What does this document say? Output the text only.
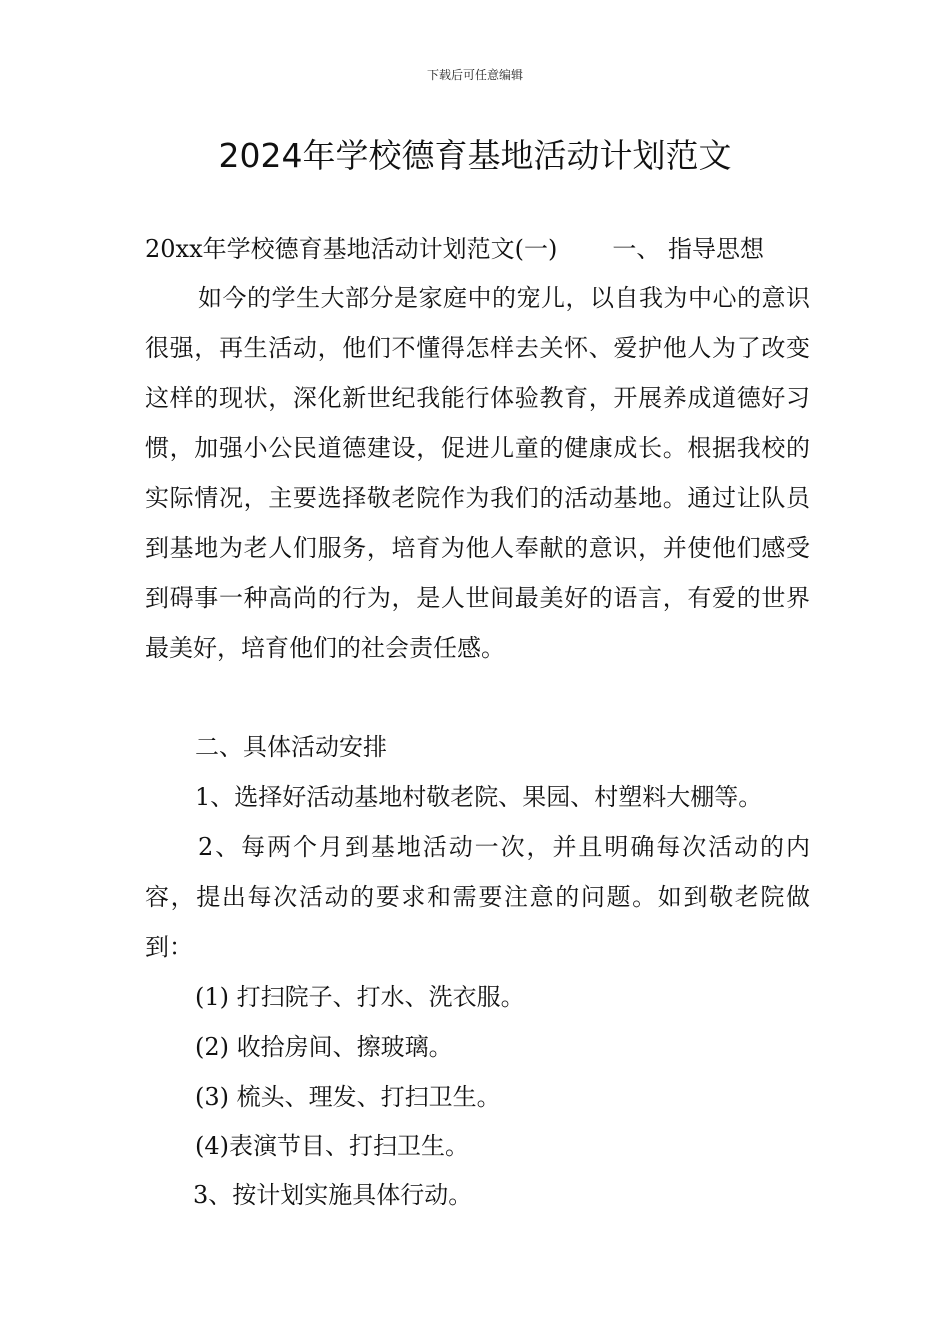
下载后可任意编辑
2024年学校德育基地活动计划范文
20xx年学校德育基地活动计划范文(一) 一、 指导思想

如今的学生大部分是家庭中的宠儿，以自我为中心的意识很强，再生活动，他们不懂得怎样去关怀、爱护他人为了改变这样的现状，深化新世纪我能行体验教育，开展养成道德好习惯，加强小公民道德建设，促进儿童的健康成长。根据我校的实际情况，主要选择敬老院作为我们的活动基地。通过让队员到基地为老人们服务，培育为他人奉献的意识，并使他们感受到碍事一种高尚的行为，是人世间最美好的语言，有爱的世界最美好，培育他们的社会责任感。

二、具体活动安排

1、选择好活动基地村敬老院、果园、村塑料大棚等。

2、每两个月到基地活动一次，并且明确每次活动的内容，提出每次活动的要求和需要注意的问题。如到敬老院做到：

(1) 打扫院子、打水、洗衣服。

(2) 收拾房间、擦玻璃。

(3) 梳头、理发、打扫卫生。

(4)表演节目、打扫卫生。

3、按计划实施具体行动。
